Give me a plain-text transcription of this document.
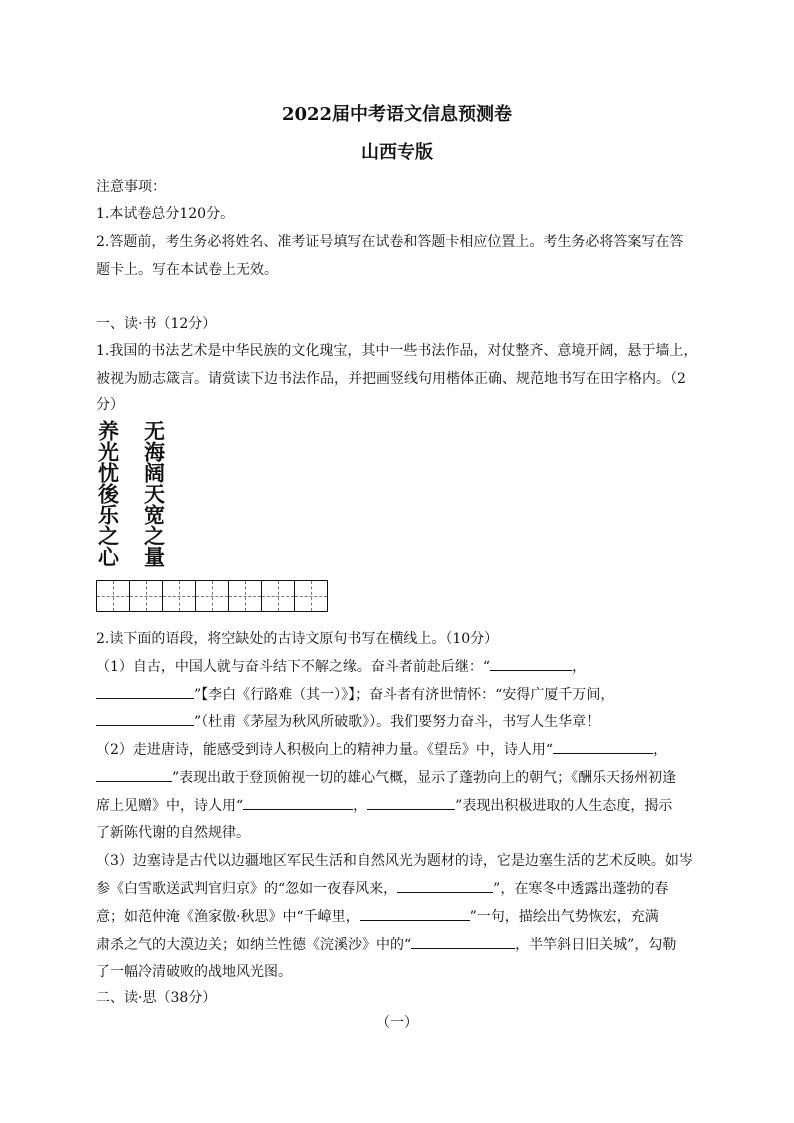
2022届中考语文信息预测卷
山西专版
注意事项：
1.本试卷总分120分。
2.答题前，考生务必将姓名、准考证号填写在试卷和答题卡相应位置上。考生务必将答案写在答
题卡上。写在本试卷上无效。
一、读·书（12分）
1.我国的书法艺术是中华民族的文化瑰宝，其中一些书法作品，对仗整齐、意境开阔，悬于墙上，
被视为励志箴言。请赏读下边书法作品，并把画竖线句用楷体正确、规范地书写在田字格内。（2
分）
无海阔天宽之量
养光忧後乐之心
2.读下面的语段，将空缺处的古诗文原句书写在横线上。（10分）
（1）自古，中国人就与奋斗结下不解之缘。奋斗者前赴后继：“	，
”【李白《行路难（其一）》】；奋斗者有济世情怀：“安得广厦千万间，
”（杜甫《茅屋为秋风所破歌》）。我们要努力奋斗，书写人生华章！
（2）走进唐诗，能感受到诗人积极向上的精神力量。《望岳》中，诗人用“	，
”表现出敢于登顶俯视一切的雄心气概，显示了蓬勃向上的朝气；《酬乐天扬州初逢
席上见赠》中，诗人用“	，	”表现出积极进取的人生态度，揭示
了新陈代谢的自然规律。
（3）边塞诗是古代以边疆地区军民生活和自然风光为题材的诗，它是边塞生活的艺术反映。如岑
参《白雪歌送武判官归京》的“忽如一夜春风来，	”，在寒冬中透露出蓬勃的春
意；如范仲淹《渔家傲·秋思》中“千嶂里，	”一句，描绘出气势恢宏，充满
肃杀之气的大漠边关；如纳兰性德《浣溪沙》中的“	，半竿斜日旧关城”，勾勒
了一幅冷清破败的战地风光图。
二、读·思（38分）
（一）
